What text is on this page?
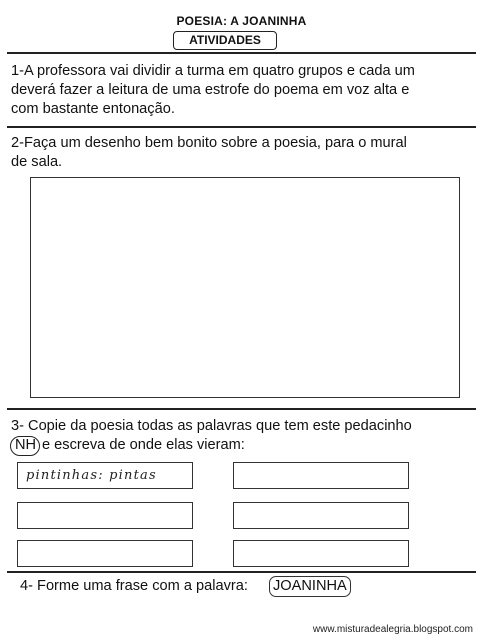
POESIA: A JOANINHA
ATIVIDADES
1-A professora vai dividir a turma em quatro grupos e cada um
deverá fazer a leitura de uma estrofe do poema em voz alta e
com bastante entonação.
2-Faça um desenho bem bonito sobre a poesia, para o mural
de sala.
3- Copie da poesia todas as palavras que tem este pedacinho
NH e escreva de onde elas vieram:
pintinhas: pintas
4- Forme uma frase com a palavra: JOANINHA
www.misturadealegria.blogspot.com
